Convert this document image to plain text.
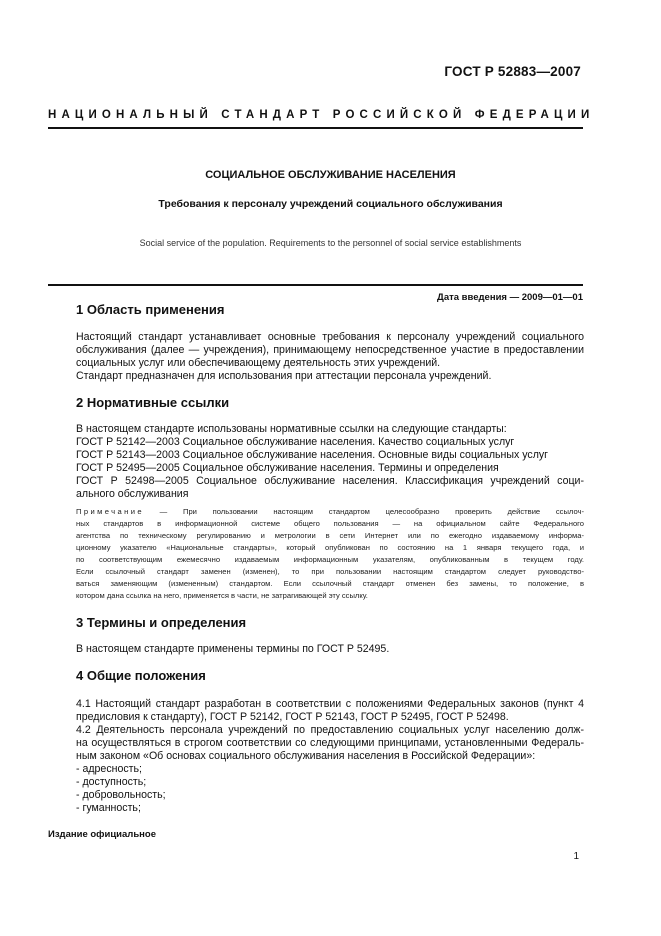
ГОСТ Р 52883—2007
НАЦИОНАЛЬНЫЙ СТАНДАРТ РОССИЙСКОЙ ФЕДЕРАЦИИ
СОЦИАЛЬНОЕ ОБСЛУЖИВАНИЕ НАСЕЛЕНИЯ
Требования к персоналу учреждений социального обслуживания
Social service of the population. Requirements to the personnel of social service establishments
Дата введения — 2009—01—01
1 Область применения
Настоящий стандарт устанавливает основные требования к персоналу учреждений социального
обслуживания (далее — учреждения), принимающему непосредственное участие в предоставлении
социальных услуг или обеспечивающему деятельность этих учреждений.
Стандарт предназначен для использования при аттестации персонала учреждений.
2 Нормативные ссылки
В настоящем стандарте использованы нормативные ссылки на следующие стандарты:
ГОСТ Р 52142—2003 Социальное обслуживание населения. Качество социальных услуг
ГОСТ Р 52143—2003 Социальное обслуживание населения. Основные виды социальных услуг
ГОСТ Р 52495—2005 Социальное обслуживание населения. Термины и определения
ГОСТ Р 52498—2005 Социальное обслуживание населения. Классификация учреждений соци-
ального обслуживания
Примечание — При пользовании настоящим стандартом целесообразно проверить действие ссылоч-
ных стандартов в информационной системе общего пользования — на официальном сайте Федерального
агентства по техническому регулированию и метрологии в сети Интернет или по ежегодно издаваемому информа-
ционному указателю «Национальные стандарты», который опубликован по состоянию на 1 января текущего года, и
по соответствующим ежемесячно издаваемым информационным указателям, опубликованным в текущем году.
Если ссылочный стандарт заменен (изменен), то при пользовании настоящим стандартом следует руководство-
ваться заменяющим (измененным) стандартом. Если ссылочный стандарт отменен без замены, то положение, в
котором дана ссылка на него, применяется в части, не затрагивающей эту ссылку.
3 Термины и определения
В настоящем стандарте применены термины по ГОСТ Р 52495.
4 Общие положения
4.1 Настоящий стандарт разработан в соответствии с положениями Федеральных законов (пункт 4
предисловия к стандарту), ГОСТ Р 52142, ГОСТ Р 52143, ГОСТ Р 52495, ГОСТ Р 52498.
4.2 Деятельность персонала учреждений по предоставлению социальных услуг населению долж-
на осуществляться в строгом соответствии со следующими принципами, установленными Федераль-
ным законом «Об основах социального обслуживания населения в Российской Федерации»:
- адресность;
- доступность;
- добровольность;
- гуманность;
Издание официальное
1
